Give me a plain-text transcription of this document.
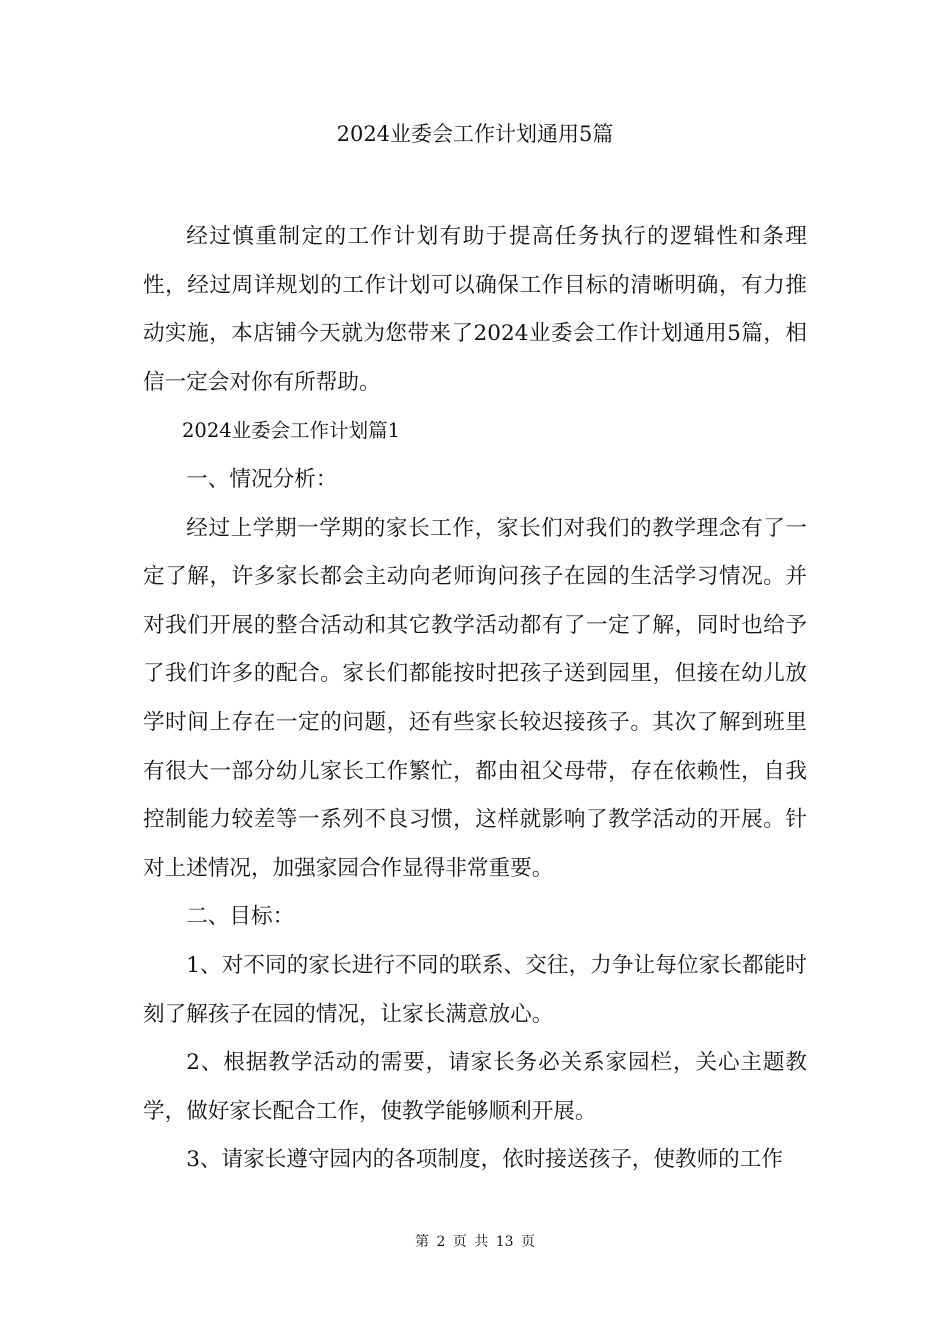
2024业委会工作计划通用5篇

经过慎重制定的工作计划有助于提高任务执行的逻辑性和条理性，经过周详规划的工作计划可以确保工作目标的清晰明确，有力推动实施，本店铺今天就为您带来了2024业委会工作计划通用5篇，相信一定会对你有所帮助。

2024业委会工作计划篇1

一、情况分析：

经过上学期一学期的家长工作，家长们对我们的教学理念有了一定了解，许多家长都会主动向老师询问孩子在园的生活学习情况。并对我们开展的整合活动和其它教学活动都有了一定了解，同时也给予了我们许多的配合。家长们都能按时把孩子送到园里，但接在幼儿放学时间上存在一定的问题，还有些家长较迟接孩子。其次了解到班里有很大一部分幼儿家长工作繁忙，都由祖父母带，存在依赖性，自我控制能力较差等一系列不良习惯，这样就影响了教学活动的开展。针对上述情况，加强家园合作显得非常重要。

二、目标：

1、对不同的家长进行不同的联系、交往，力争让每位家长都能时刻了解孩子在园的情况，让家长满意放心。

2、根据教学活动的需要，请家长务必关系家园栏，关心主题教学，做好家长配合工作，使教学能够顺利开展。

3、请家长遵守园内的各项制度，依时接送孩子，使教师的工作

第 2 页 共 13 页
